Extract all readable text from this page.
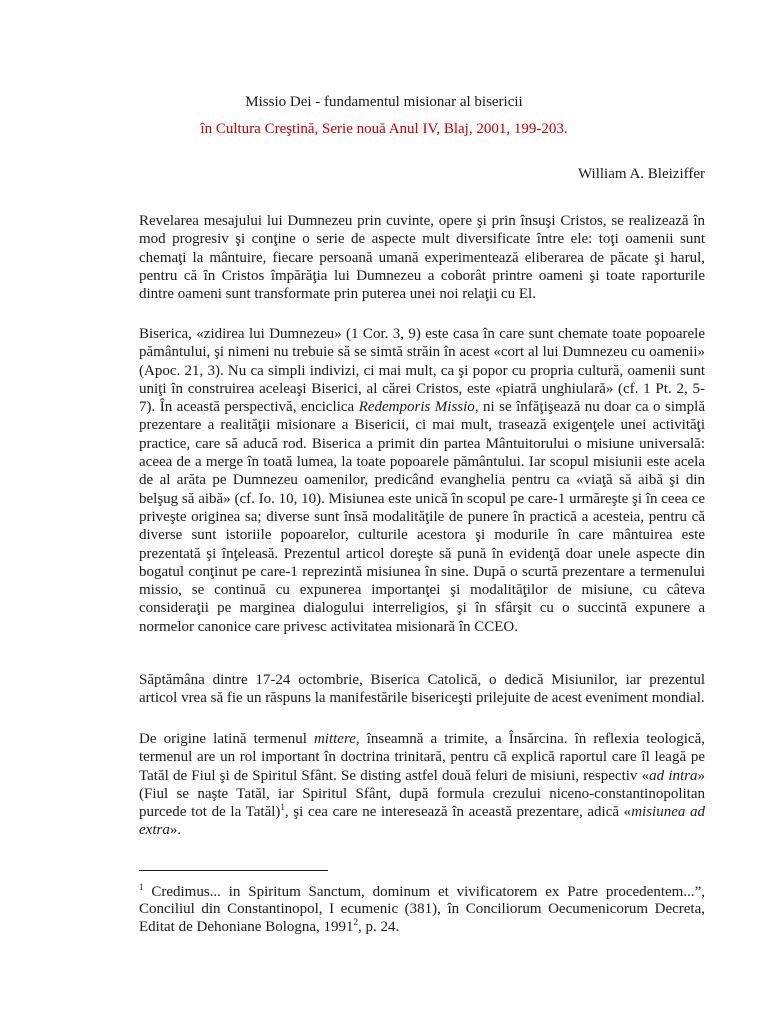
Missio Dei - fundamentul misionar al bisericii
în Cultura Creştină, Serie nouă Anul IV, Blaj, 2001, 199-203.
William A. Bleiziffer

Revelarea mesajului lui Dumnezeu prin cuvinte, opere şi prin însuşi Cristos, se realizează în mod progresiv şi conţine o serie de aspecte mult diversificate între ele: toţi oamenii sunt chemaţi la mântuire, fiecare persoană umană experimentează eliberarea de păcate şi harul, pentru că în Cristos împărăţia lui Dumnezeu a coborât printre oameni şi toate raporturile dintre oameni sunt transformate prin puterea unei noi relaţii cu El.

Biserica, «zidirea lui Dumnezeu» (1 Cor. 3, 9) este casa în care sunt chemate toate popoarele pământului, şi nimeni nu trebuie să se simtă străin în acest «cort al lui Dumnezeu cu oamenii» (Apoc. 21, 3). Nu ca simpli indivizi, ci mai mult, ca şi popor cu propria cultură, oamenii sunt uniţi în construirea aceleaşi Biserici, al cărei Cristos, este «piatră unghiulară» (cf. 1 Pt. 2, 5-7). În această perspectivă, enciclica Redemporis Missio, ni se înfăţişează nu doar ca o simplă prezentare a realităţii misionare a Bisericii, ci mai mult, trasează exigenţele unei activităţi practice, care să aducă rod. Biserica a primit din partea Mântuitorului o misiune universală: aceea de a merge în toată lumea, la toate popoarele pământului. Iar scopul misiunii este acela de al arăta pe Dumnezeu oamenilor, predicând evanghelia pentru ca «viaţă să aibă şi din belşug să aibă» (cf. Io. 10, 10). Misiunea este unică în scopul pe care-1 urmăreşte şi în ceea ce priveşte originea sa; diverse sunt însă modalităţile de punere în practică a acesteia, pentru că diverse sunt istoriile popoarelor, culturile acestora şi modurile în care mântuirea este prezentată şi înţeleasă. Prezentul articol doreşte să pună în evidenţă doar unele aspecte din bogatul conţinut pe care-1 reprezintă misiunea în sine. După o scurtă prezentare a termenului missio, se continuă cu expunerea importanţei şi modalităţilor de misiune, cu câteva consideraţii pe marginea dialogului interreligios, şi în sfârşit cu o succintă expunere a normelor canonice care privesc activitatea misionară în CCEO.

Săptămâna dintre 17-24 octombrie, Biserica Catolică, o dedică Misiunilor, iar prezentul articol vrea să fie un răspuns la manifestările bisericeşti prilejuite de acest eveniment mondial.

De origine latină termenul mittere, înseamnă a trimite, a Însărcina. în reflexia teologică, termenul are un rol important în doctrina trinitară, pentru că explică raportul care îl leagă pe Tatăl de Fiul şi de Spiritul Sfânt. Se disting astfel două feluri de misiuni, respectiv «ad intra» (Fiul se naşte Tatăl, iar Spiritul Sfânt, după formula crezului niceno-constantinopolitan purcede tot de la Tatăl)$^1$, şi cea care ne interesează în această prezentare, adică «misiunea ad extra».

$^1$ Credimus... in Spiritum Sanctum, dominum et vivificatorem ex Patre procedentem...”, Conciliul din Constantinopol, I ecumenic (381), în Conciliorum Oecumenicorum Decreta, Editat de Dehoniane Bologna, 1991$^2$, p. 24.
